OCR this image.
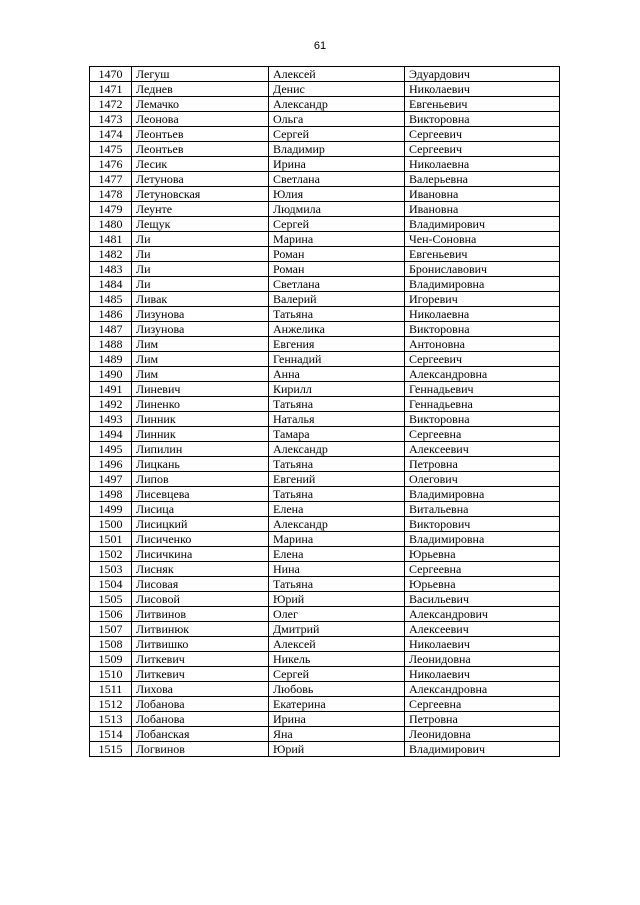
61
1470	Легуш	Алексей	Эдуардович
1471	Леднев	Денис	Николаевич
1472	Лемачко	Александр	Евгеньевич
1473	Леонова	Ольга	Викторовна
1474	Леонтьев	Сергей	Сергеевич
1475	Леонтьев	Владимир	Сергеевич
1476	Лесик	Ирина	Николаевна
1477	Летунова	Светлана	Валерьевна
1478	Летуновская	Юлия	Ивановна
1479	Леунте	Людмила	Ивановна
1480	Лещук	Сергей	Владимирович
1481	Ли	Марина	Чен-Соновна
1482	Ли	Роман	Евгеньевич
1483	Ли	Роман	Брониславович
1484	Ли	Светлана	Владимировна
1485	Ливак	Валерий	Игоревич
1486	Лизунова	Татьяна	Николаевна
1487	Лизунова	Анжелика	Викторовна
1488	Лим	Евгения	Антоновна
1489	Лим	Геннадий	Сергеевич
1490	Лим	Анна	Александровна
1491	Линевич	Кирилл	Геннадьевич
1492	Линенко	Татьяна	Геннадьевна
1493	Линник	Наталья	Викторовна
1494	Линник	Тамара	Сергеевна
1495	Липилин	Александр	Алексеевич
1496	Лицкань	Татьяна	Петровна
1497	Липов	Евгений	Олегович
1498	Лисевцева	Татьяна	Владимировна
1499	Лисица	Елена	Витальевна
1500	Лисицкий	Александр	Викторович
1501	Лисиченко	Марина	Владимировна
1502	Лисичкина	Елена	Юрьевна
1503	Лисняк	Нина	Сергеевна
1504	Лисовая	Татьяна	Юрьевна
1505	Лисовой	Юрий	Васильевич
1506	Литвинов	Олег	Александрович
1507	Литвинюк	Дмитрий	Алексеевич
1508	Литвишко	Алексей	Николаевич
1509	Литкевич	Никель	Леонидовна
1510	Литкевич	Сергей	Николаевич
1511	Лихова	Любовь	Александровна
1512	Лобанова	Екатерина	Сергеевна
1513	Лобанова	Ирина	Петровна
1514	Лобанская	Яна	Леонидовна
1515	Логвинов	Юрий	Владимирович
